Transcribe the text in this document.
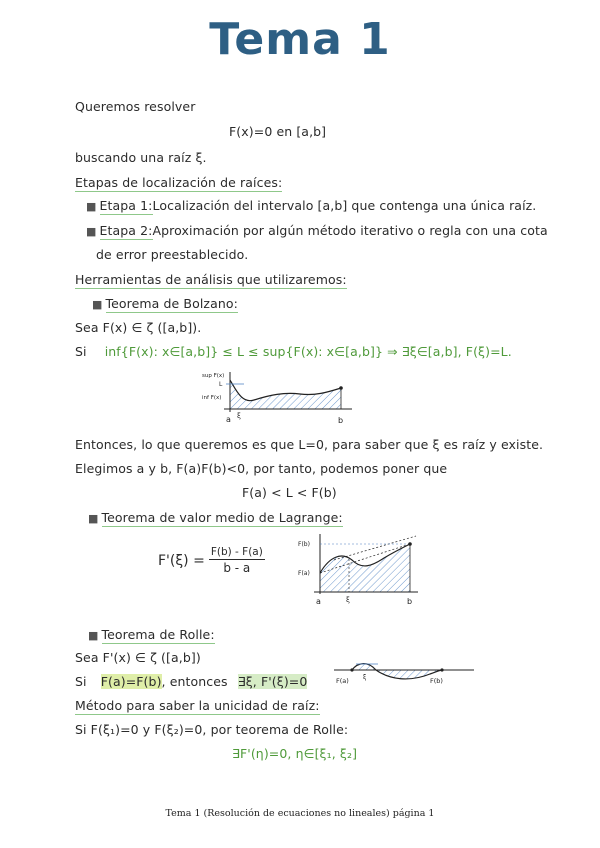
Tema 1
Queremos resolver
F(x)=0 en [a,b]
buscando una raíz ξ.
Etapas de localización de raíces:
■ Etapa 1:Localización del intervalo [a,b] que contenga una única raíz.
■ Etapa 2:Aproximación por algún método iterativo o regla con una cota
de error preestablecido.
Herramientas de análisis que utilizaremos:
■ Teorema de Bolzano:
Sea F(x) ∈ ζ ([a,b]).
Si inf{F(x): x∈[a,b]} ≤ L ≤ sup{F(x): x∈[a,b]} ⇒ ∃ξ∈[a,b], F(ξ)=L.
sup F(x)
L
inf F(x)
a ξ	b
Entonces, lo que queremos es que L=0, para saber que ξ es raíz y existe.
Elegimos a y b, F(a)F(b)<0, por tanto, podemos poner que
F(a) < L < F(b)
■ Teorema de valor medio de Lagrange:
$F'(\xi) = \frac{F(b) - F(a)}{b - a}$
F(b)
F(a)
a	ξ	b
■ Teorema de Rolle:
Sea F'(x) ∈ ζ ([a,b])
Si F(a)=F(b), entonces ∃ξ, F'(ξ)=0	F(a) ξ	F(b)
Método para saber la unicidad de raíz:
Si F(ξ₁)=0 y F(ξ₂)=0, por teorema de Rolle:
∃F'(η)=0, η∈[ξ₁, ξ₂]
Tema 1 (Resolución de ecuaciones no lineales) página 1
